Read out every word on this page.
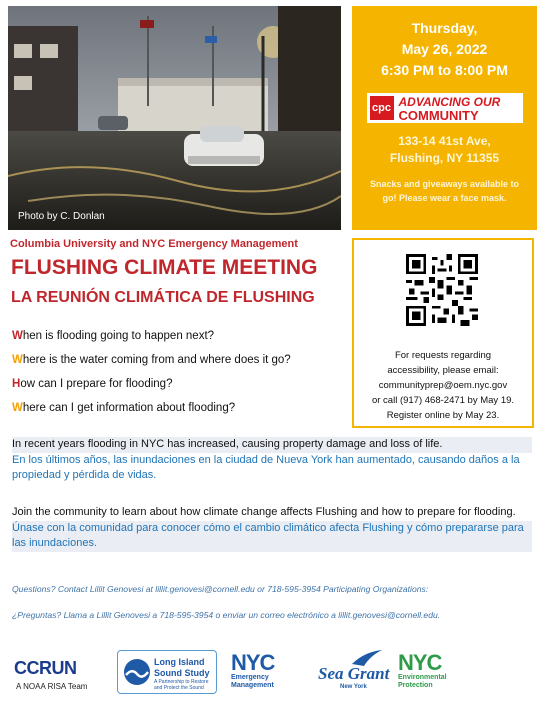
Photo by C. Donlan
Thursday,
May 26, 2022
6:30 PM to 8:00 PM
cpc ADVANCING OUR
COMMUNITY
133-14 41st Ave,
Flushing, NY 11355
Snacks and giveaways available to go! Please wear a face mask.
Columbia University and NYC Emergency Management
FLUSHING CLIMATE MEETING
LA REUNIÓN CLIMÁTICA DE FLUSHING
When is flooding going to happen next?
Where is the water coming from and where does it go?
How can I prepare for flooding?
Where can I get information about flooding?
For requests regarding
accessibility, please email:
communityprep@oem.nyc.gov
or call (917) 468-2471 by May 19.
Register online by May 23.
In recent years flooding in NYC has increased, causing property damage and loss of life.
En los últimos años, las inundaciones en la ciudad de Nueva York han aumentado, causando daños a la propiedad y pérdida de vidas.
Join the community to learn about how climate change affects Flushing and how to prepare for flooding.
Únase con la comunidad para conocer cómo el cambio climático afecta Flushing y cómo prepararse para las inundaciones.
Questions? Contact Lillit Genovesi at lillit.genovesi@cornell.edu or 718-595-3954 Participating Organizations:
¿Preguntas? Llama a Lillit Genovesi a 718-595-3954 o enviar un correo electrónico a lillit.genovesi@cornell.edu.
CCRUN
A NOAA RISA Team
Long Island
Sound Study
A Partnership to Restore and Protect the Sound
NYC
Emergency
Management
Sea Grant
New York
NYC
Environmental
Protection
